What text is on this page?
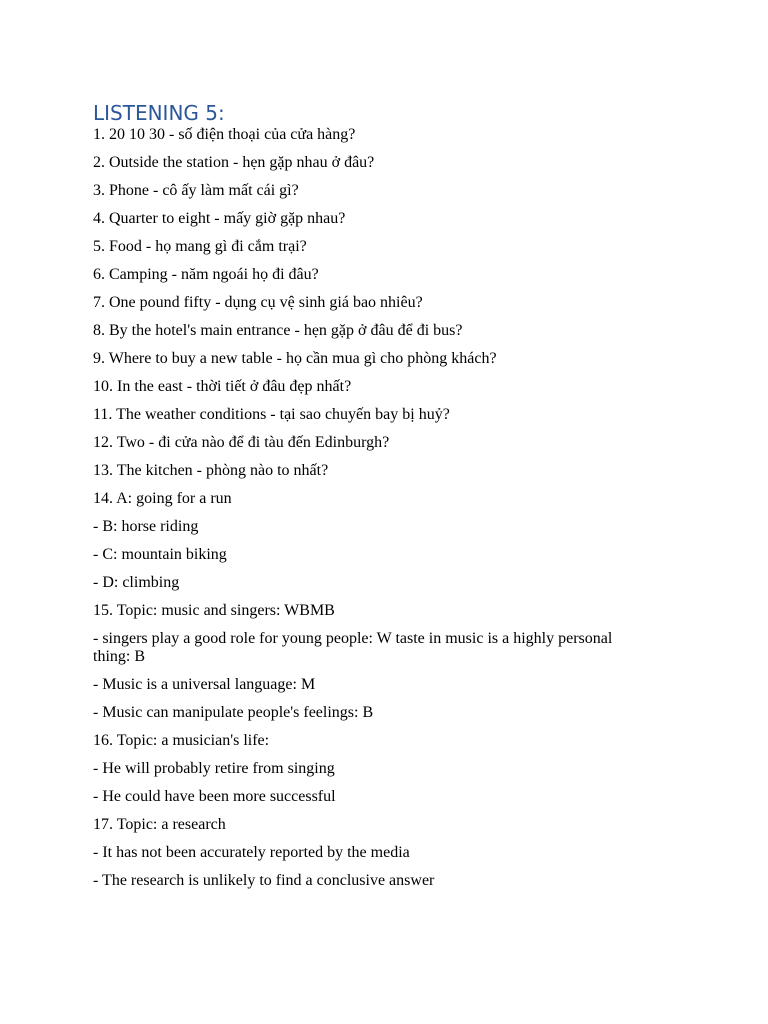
LISTENING 5:
1. 20 10 30 - số điện thoại của cửa hàng?
2. Outside the station - hẹn gặp nhau ở đâu?
3. Phone - cô ấy làm mất cái gì?
4. Quarter to eight - mấy giờ gặp nhau?
5. Food - họ mang gì đi cắm trại?
6. Camping - năm ngoái họ đi đâu?
7. One pound fifty - dụng cụ vệ sinh giá bao nhiêu?
8. By the hotel's main entrance - hẹn gặp ở đâu để đi bus?
9. Where to buy a new table - họ cần mua gì cho phòng khách?
10. In the east - thời tiết ở đâu đẹp nhất?
11. The weather conditions - tại sao chuyến bay bị huỷ?
12. Two - đi cửa nào để đi tàu đến Edinburgh?
13. The kitchen - phòng nào to nhất?
14. A: going for a run
- B: horse riding
- C: mountain biking
- D: climbing
15. Topic: music and singers: WBMB
- singers play a good role for young people: W taste in music is a highly personal thing: B
- Music is a universal language: M
- Music can manipulate people's feelings: B
16. Topic: a musician's life:
- He will probably retire from singing
- He could have been more successful
17. Topic: a research
- It has not been accurately reported by the media
- The research is unlikely to find a conclusive answer
